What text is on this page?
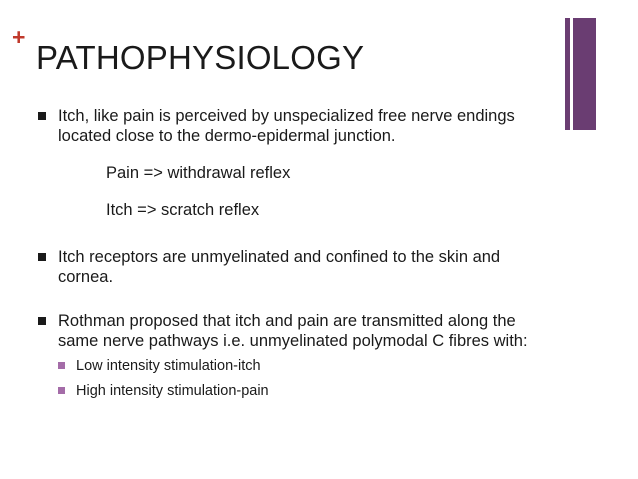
+
PATHOPHYSIOLOGY
Itch, like pain is perceived by unspecialized free nerve endings located close to the dermo-epidermal junction.
Pain => withdrawal reflex
Itch => scratch reflex
Itch receptors are unmyelinated and confined to the skin and cornea.
Rothman proposed that itch and pain are transmitted along the same nerve pathways i.e. unmyelinated polymodal C fibres with:
Low intensity stimulation-itch
High intensity stimulation-pain
